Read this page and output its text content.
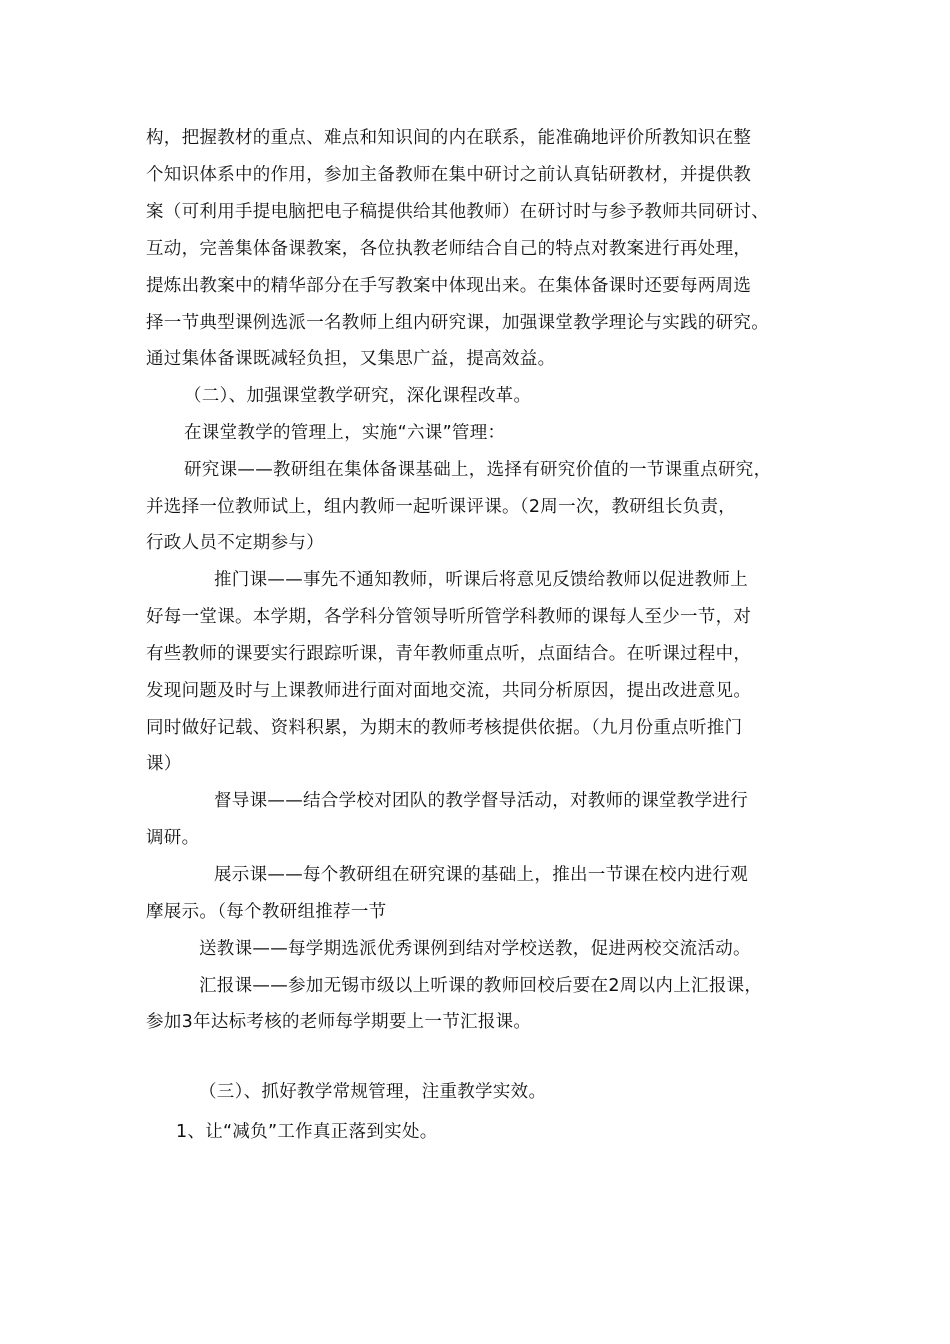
构，把握教材的重点、难点和知识间的内在联系，能准确地评价所教知识在整
个知识体系中的作用，参加主备教师在集中研讨之前认真钻研教材，并提供教
案（可利用手提电脑把电子稿提供给其他教师）在研讨时与参予教师共同研讨、
互动，完善集体备课教案，各位执教老师结合自己的特点对教案进行再处理，
提炼出教案中的精华部分在手写教案中体现出来。在集体备课时还要每两周选
择一节典型课例选派一名教师上组内研究课，加强课堂教学理论与实践的研究。
通过集体备课既减轻负担，又集思广益，提高效益。
（二）、加强课堂教学研究，深化课程改革。
在课堂教学的管理上，实施“六课”管理：
研究课——教研组在集体备课基础上，选择有研究价值的一节课重点研究，
并选择一位教师试上，组内教师一起听课评课。（2周一次，教研组长负责，
行政人员不定期参与）
推门课——事先不通知教师，听课后将意见反馈给教师以促进教师上
好每一堂课。本学期，各学科分管领导听所管学科教师的课每人至少一节，对
有些教师的课要实行跟踪听课，青年教师重点听，点面结合。在听课过程中，
发现问题及时与上课教师进行面对面地交流，共同分析原因，提出改进意见。
同时做好记载、资料积累，为期末的教师考核提供依据。（九月份重点听推门
课）
督导课——结合学校对团队的教学督导活动，对教师的课堂教学进行
调研。
展示课——每个教研组在研究课的基础上，推出一节课在校内进行观
摩展示。（每个教研组推荐一节
送教课——每学期选派优秀课例到结对学校送教，促进两校交流活动。
汇报课——参加无锡市级以上听课的教师回校后要在2周以内上汇报课，
参加3年达标考核的老师每学期要上一节汇报课。
（三）、抓好教学常规管理，注重教学实效。
1、让“减负”工作真正落到实处。
